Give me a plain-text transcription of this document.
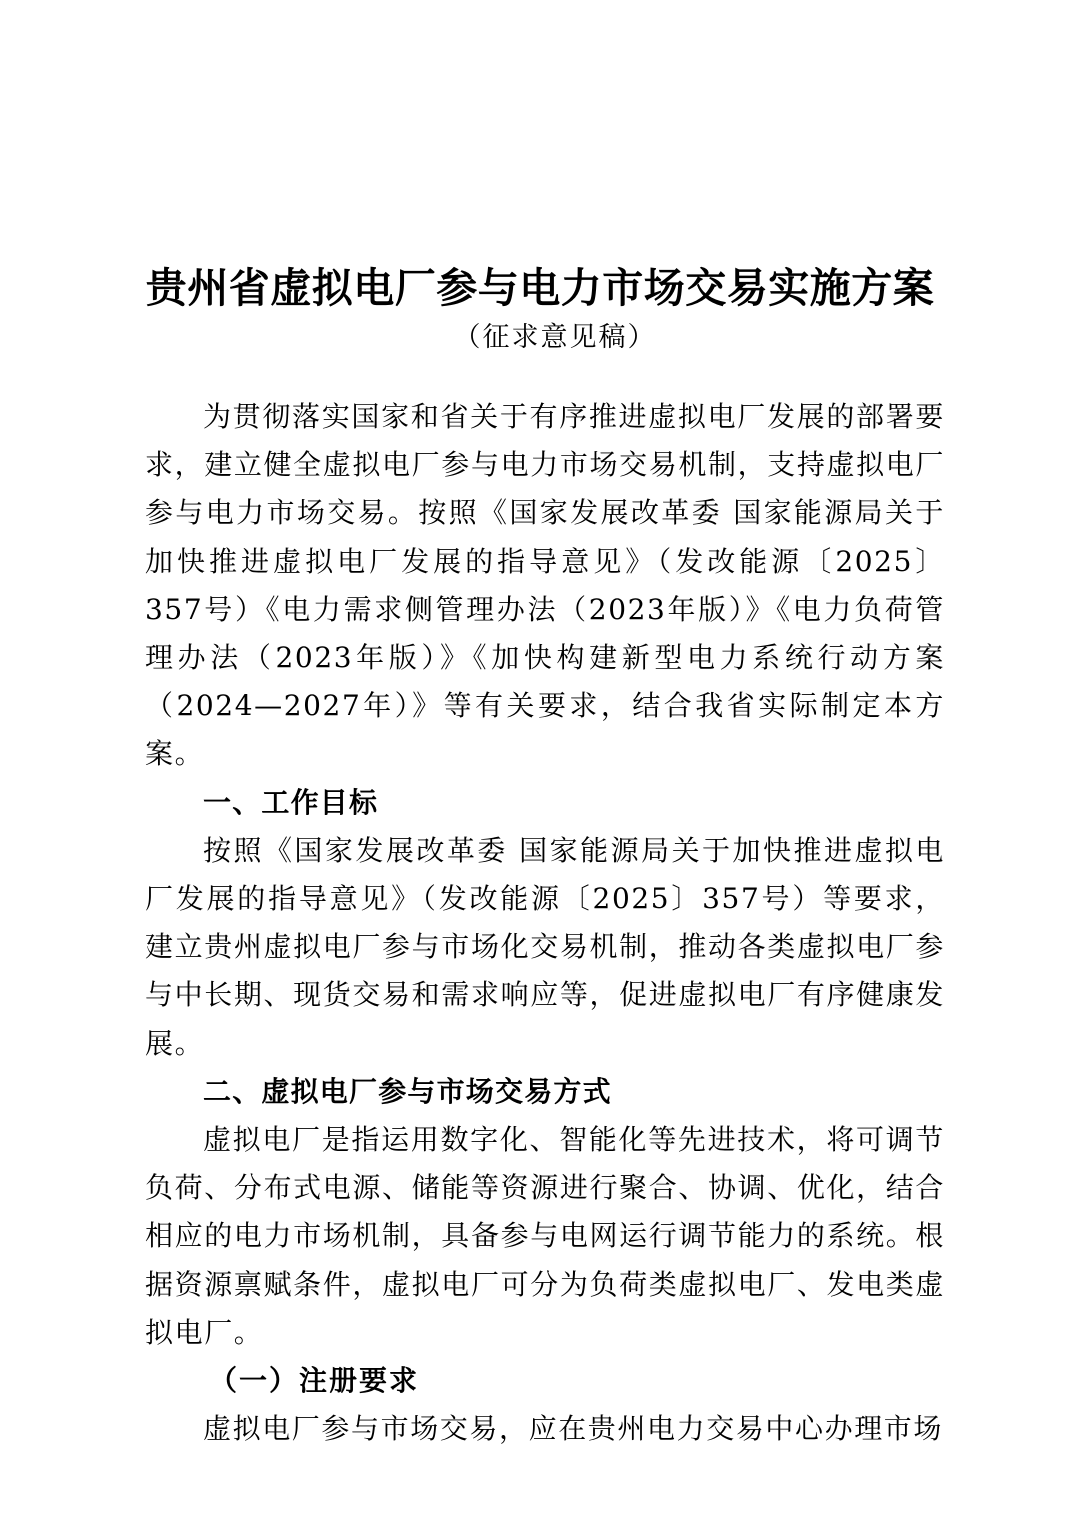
贵州省虚拟电厂参与电力市场交易实施方案

（征求意见稿）

为贯彻落实国家和省关于有序推进虚拟电厂发展的部署要求，建立健全虚拟电厂参与电力市场交易机制，支持虚拟电厂参与电力市场交易。按照《国家发展改革委 国家能源局关于加快推进虚拟电厂发展的指导意见》（发改能源〔2025〕357号）《电力需求侧管理办法（2023年版）》《电力负荷管理办法（2023年版）》《加快构建新型电力系统行动方案（2024—2027年）》等有关要求，结合我省实际制定本方案。

一、工作目标

按照《国家发展改革委 国家能源局关于加快推进虚拟电厂发展的指导意见》（发改能源〔2025〕357号）等要求，建立贵州虚拟电厂参与市场化交易机制，推动各类虚拟电厂参与中长期、现货交易和需求响应等，促进虚拟电厂有序健康发展。

二、虚拟电厂参与市场交易方式

虚拟电厂是指运用数字化、智能化等先进技术，将可调节负荷、分布式电源、储能等资源进行聚合、协调、优化，结合相应的电力市场机制，具备参与电网运行调节能力的系统。根据资源禀赋条件，虚拟电厂可分为负荷类虚拟电厂、发电类虚拟电厂。

（一）注册要求

虚拟电厂参与市场交易，应在贵州电力交易中心办理市场
